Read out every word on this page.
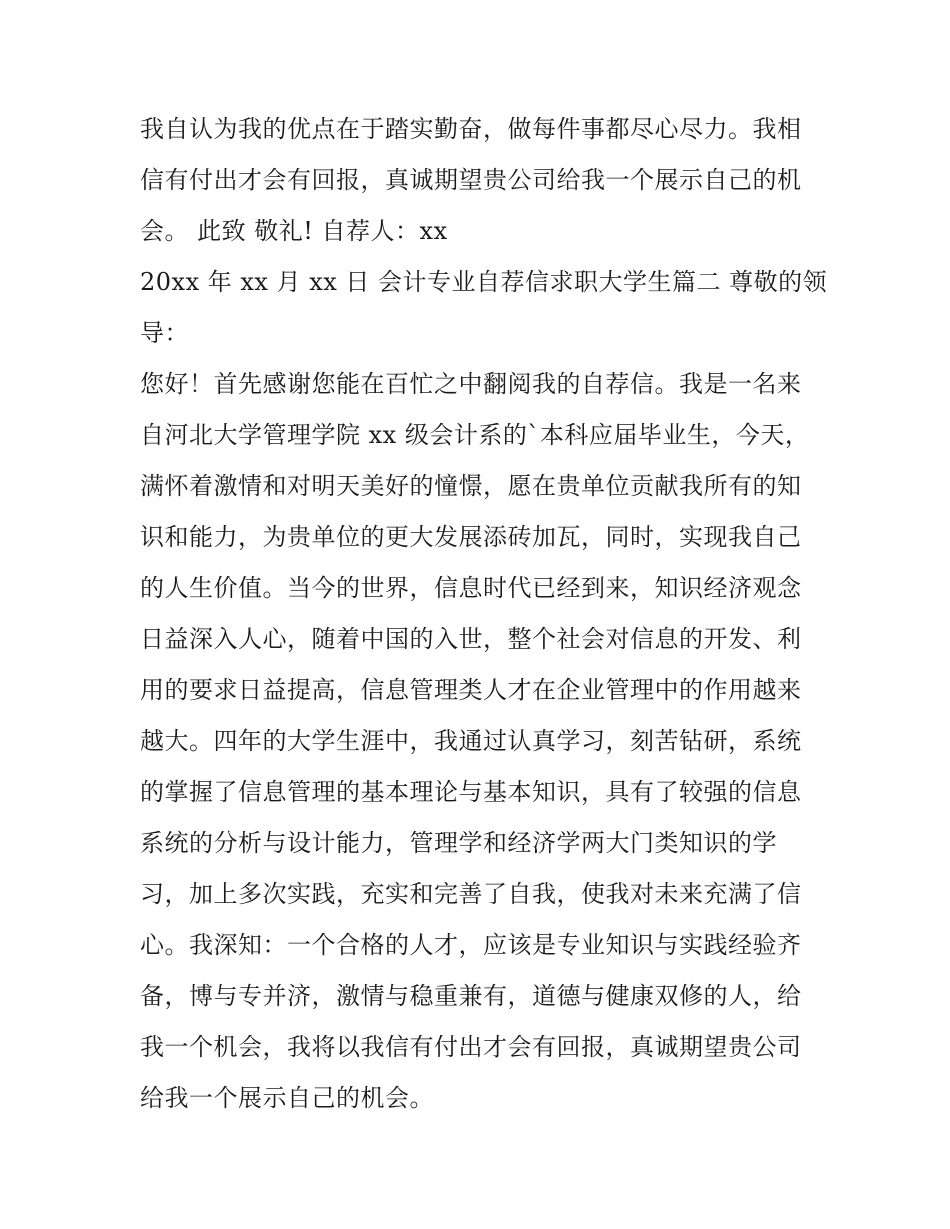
我自认为我的优点在于踏实勤奋，做每件事都尽心尽力。我相
信有付出才会有回报，真诚期望贵公司给我一个展示自己的机
会。 此致 敬礼! 自荐人：xx
20xx 年 xx 月 xx 日 会计专业自荐信求职大学生篇二 尊敬的领
导：
您好！首先感谢您能在百忙之中翻阅我的自荐信。我是一名来
自河北大学管理学院 xx 级会计系的`本科应届毕业生，今天，
满怀着激情和对明天美好的憧憬，愿在贵单位贡献我所有的知
识和能力，为贵单位的更大发展添砖加瓦，同时，实现我自己
的人生价值。当今的世界，信息时代已经到来，知识经济观念
日益深入人心，随着中国的入世，整个社会对信息的开发、利
用的要求日益提高，信息管理类人才在企业管理中的作用越来
越大。四年的大学生涯中，我通过认真学习，刻苦钻研，系统
的掌握了信息管理的基本理论与基本知识，具有了较强的信息
系统的分析与设计能力，管理学和经济学两大门类知识的学
习，加上多次实践，充实和完善了自我，使我对未来充满了信
心。我深知：一个合格的人才，应该是专业知识与实践经验齐
备，博与专并济，激情与稳重兼有，道德与健康双修的人，给
我一个机会，我将以我信有付出才会有回报，真诚期望贵公司
给我一个展示自己的机会。
